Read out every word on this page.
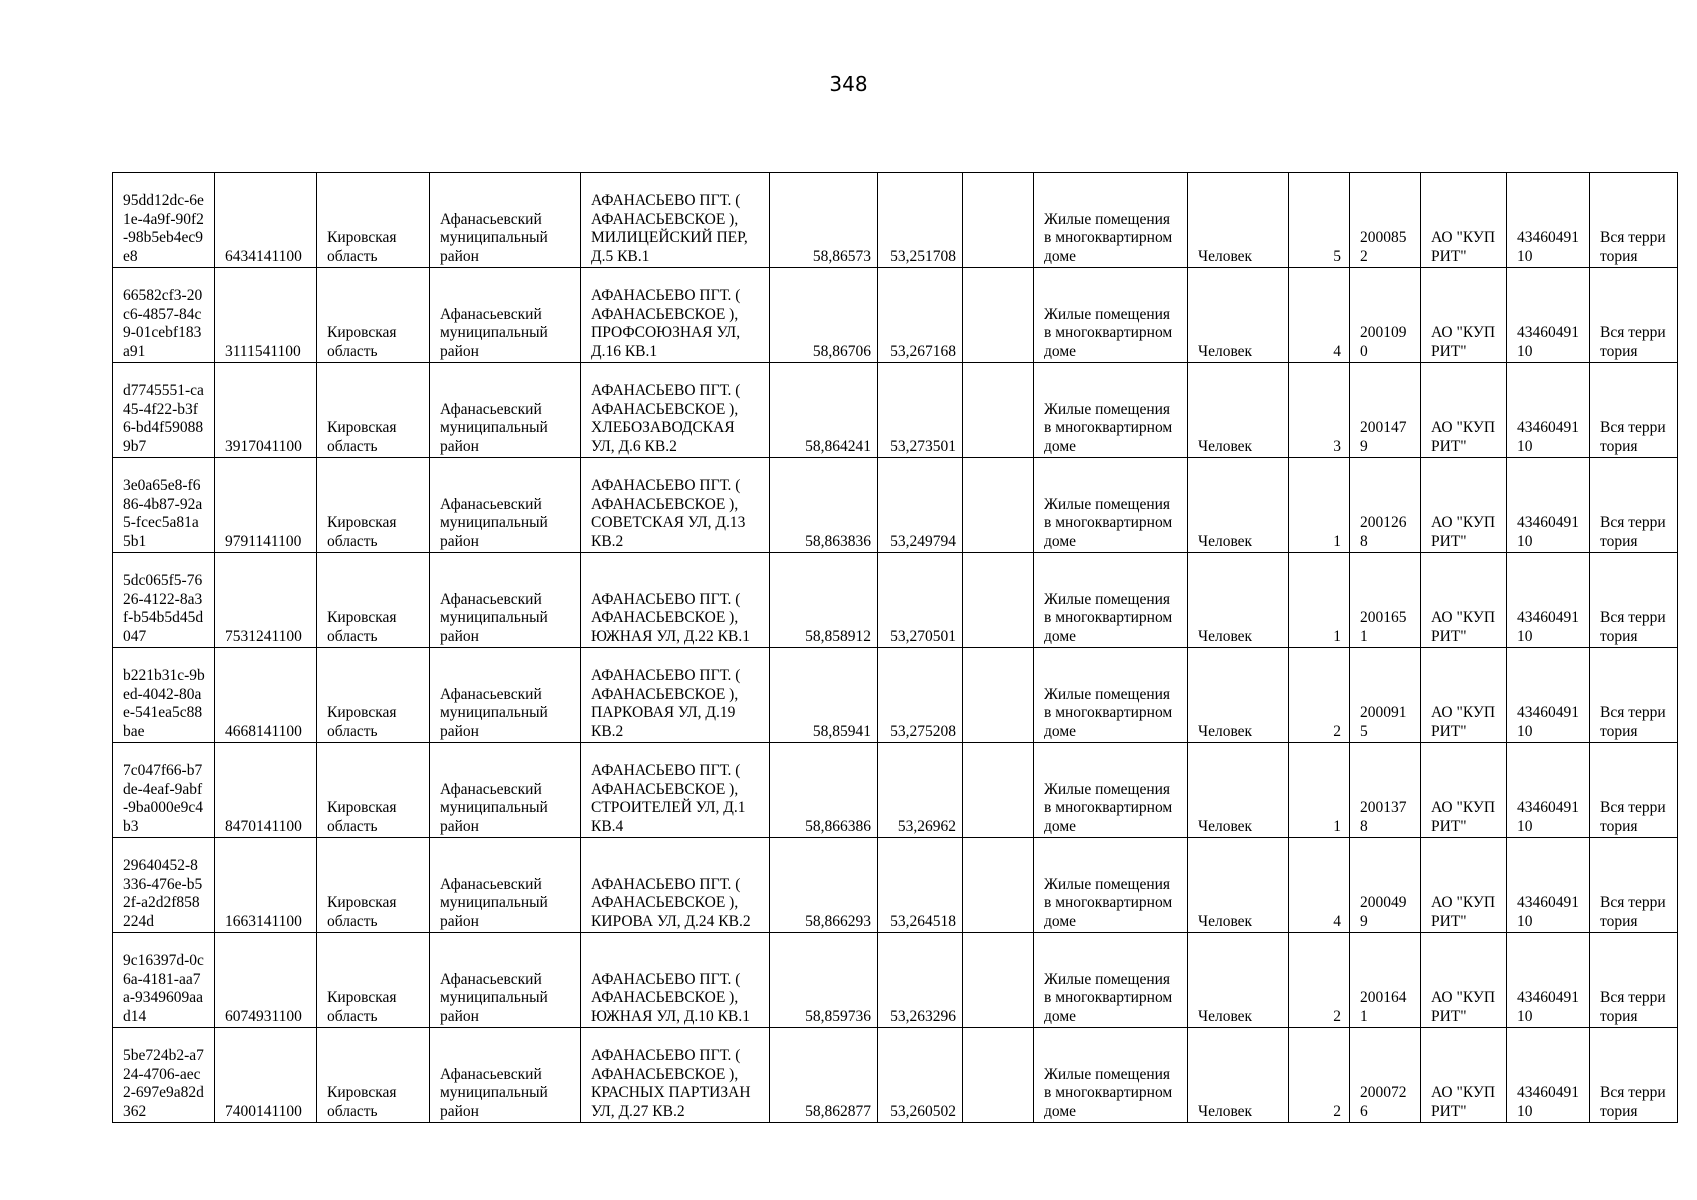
348
95dd12dc-6e1e-4a9f-90f2-98b5eb4ec9e8	6434141100	Кировская область	Афанасьевский муниципальный район	АФАНАСЬЕВО ПГТ. ( АФАНАСЬЕВСКОЕ ), МИЛИЦЕЙСКИЙ ПЕР, Д.5 КВ.1	58,86573	53,251708		Жилые помещения в многоквартирном доме	Человек	5	2000852	АО "КУПРИТ"	4346049110	Вся территория
66582cf3-20c6-4857-84c9-01cebf183a91	3111541100	Кировская область	Афанасьевский муниципальный район	АФАНАСЬЕВО ПГТ. ( АФАНАСЬЕВСКОЕ ), ПРОФСОЮЗНАЯ УЛ, Д.16 КВ.1	58,86706	53,267168		Жилые помещения в многоквартирном доме	Человек	4	2001090	АО "КУПРИТ"	4346049110	Вся территория
d7745551-ca45-4f22-b3f6-bd4f590889b7	3917041100	Кировская область	Афанасьевский муниципальный район	АФАНАСЬЕВО ПГТ. ( АФАНАСЬЕВСКОЕ ), ХЛЕБОЗАВОДСКАЯ УЛ, Д.6 КВ.2	58,864241	53,273501		Жилые помещения в многоквартирном доме	Человек	3	2001479	АО "КУПРИТ"	4346049110	Вся территория
3e0a65e8-f686-4b87-92a5-fcec5a81a5b1	9791141100	Кировская область	Афанасьевский муниципальный район	АФАНАСЬЕВО ПГТ. ( АФАНАСЬЕВСКОЕ ), СОВЕТСКАЯ УЛ, Д.13 КВ.2	58,863836	53,249794		Жилые помещения в многоквартирном доме	Человек	1	2001268	АО "КУПРИТ"	4346049110	Вся территория
5dc065f5-7626-4122-8a3f-b54b5d45d047	7531241100	Кировская область	Афанасьевский муниципальный район	АФАНАСЬЕВО ПГТ. ( АФАНАСЬЕВСКОЕ ), ЮЖНАЯ УЛ, Д.22 КВ.1	58,858912	53,270501		Жилые помещения в многоквартирном доме	Человек	1	2001651	АО "КУПРИТ"	4346049110	Вся территория
b221b31c-9bed-4042-80ae-541ea5c88bae	4668141100	Кировская область	Афанасьевский муниципальный район	АФАНАСЬЕВО ПГТ. ( АФАНАСЬЕВСКОЕ ), ПАРКОВАЯ УЛ, Д.19 КВ.2	58,85941	53,275208		Жилые помещения в многоквартирном доме	Человек	2	2000915	АО "КУПРИТ"	4346049110	Вся территория
7c047f66-b7de-4eaf-9abf-9ba000e9c4b3	8470141100	Кировская область	Афанасьевский муниципальный район	АФАНАСЬЕВО ПГТ. ( АФАНАСЬЕВСКОЕ ), СТРОИТЕЛЕЙ УЛ, Д.1 КВ.4	58,866386	53,26962		Жилые помещения в многоквартирном доме	Человек	1	2001378	АО "КУПРИТ"	4346049110	Вся территория
29640452-8336-476e-b52f-a2d2f858224d	1663141100	Кировская область	Афанасьевский муниципальный район	АФАНАСЬЕВО ПГТ. ( АФАНАСЬЕВСКОЕ ), КИРОВА УЛ, Д.24 КВ.2	58,866293	53,264518		Жилые помещения в многоквартирном доме	Человек	4	2000499	АО "КУПРИТ"	4346049110	Вся территория
9c16397d-0c6a-4181-aa7a-9349609aad14	6074931100	Кировская область	Афанасьевский муниципальный район	АФАНАСЬЕВО ПГТ. ( АФАНАСЬЕВСКОЕ ), ЮЖНАЯ УЛ, Д.10 КВ.1	58,859736	53,263296		Жилые помещения в многоквартирном доме	Человек	2	2001641	АО "КУПРИТ"	4346049110	Вся территория
5be724b2-a724-4706-aec2-697e9a82d362	7400141100	Кировская область	Афанасьевский муниципальный район	АФАНАСЬЕВО ПГТ. ( АФАНАСЬЕВСКОЕ ), КРАСНЫХ ПАРТИЗАН УЛ, Д.27 КВ.2	58,862877	53,260502		Жилые помещения в многоквартирном доме	Человек	2	2000726	АО "КУПРИТ"	4346049110	Вся территория
